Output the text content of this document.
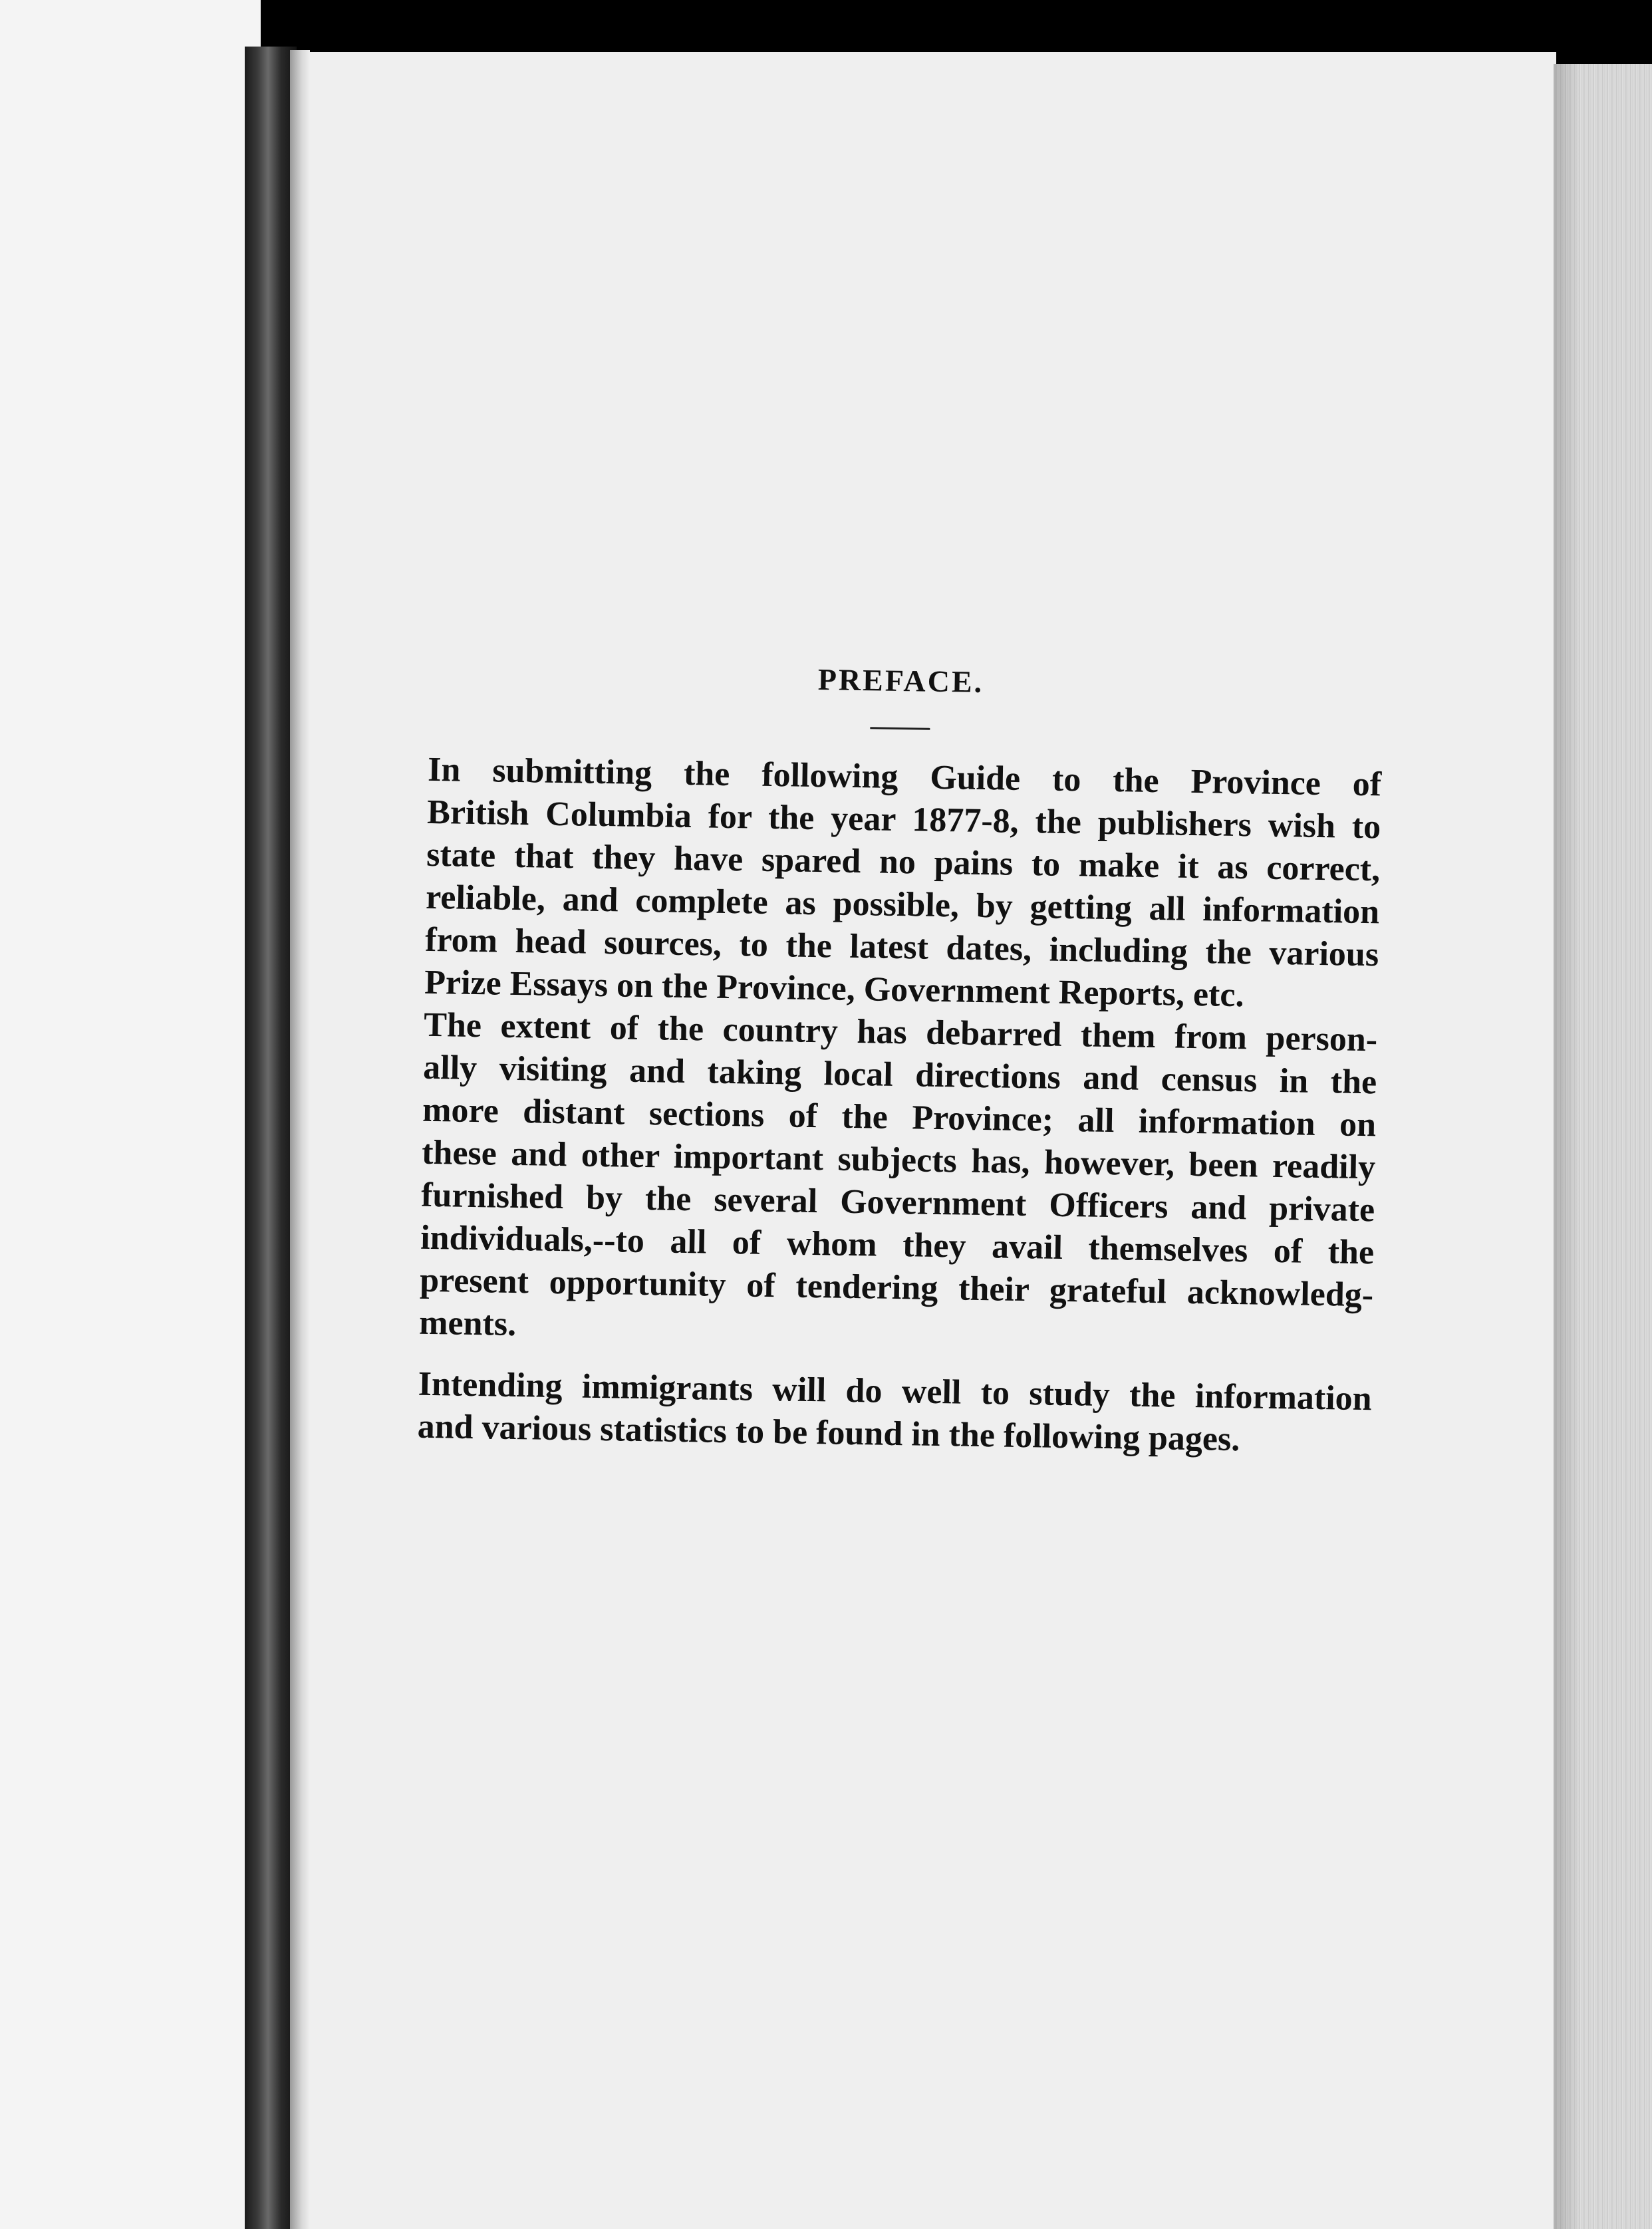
PREFACE.

In submitting the following Guide to the Province of
British Columbia for the year 1877-8, the publishers wish to
state that they have spared no pains to make it as correct,
reliable, and complete as possible, by getting all information
from head sources, to the latest dates, including the various
Prize Essays on the Province, Government Reports, etc.

The extent of the country has debarred them from person-
ally visiting and taking local directions and census in the
more distant sections of the Province; all information on
these and other important subjects has, however, been readily
furnished by the several Government Officers and private
individuals,--to all of whom they avail themselves of the
present opportunity of tendering their grateful acknowledg-
ments.

Intending immigrants will do well to study the information
and various statistics to be found in the following pages.
